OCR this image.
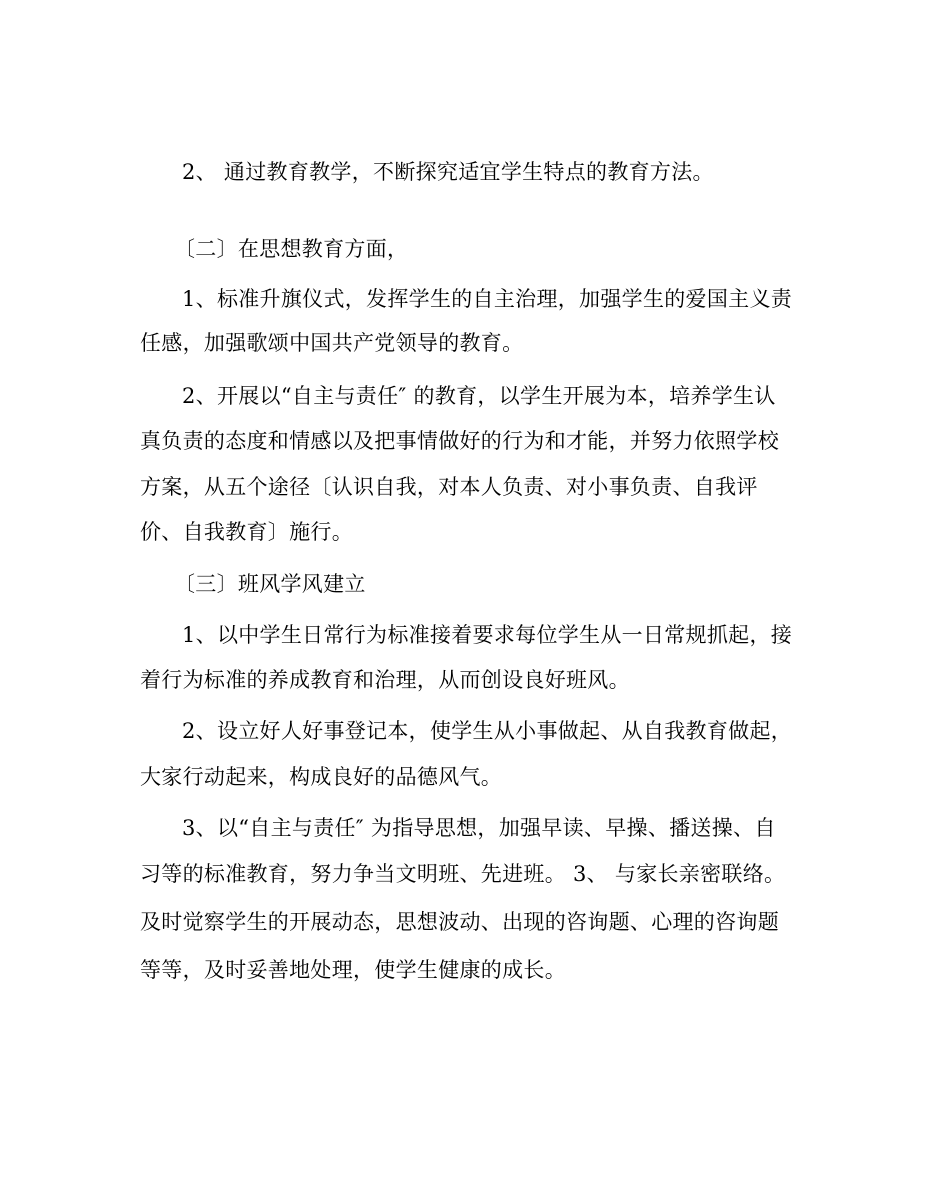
2、 通过教育教学，不断探究适宜学生特点的教育方法。
〔二〕在思想教育方面，
1、标准升旗仪式，发挥学生的自主治理，加强学生的爱国主义责
任感，加强歌颂中国共产党领导的教育。
2、开展以“自主与责任″ 的教育，以学生开展为本，培养学生认
真负责的态度和情感以及把事情做好的行为和才能，并努力依照学校
方案，从五个途径〔认识自我，对本人负责、对小事负责、自我评
价、自我教育〕施行。
〔三〕班风学风建立
1、以中学生日常行为标准接着要求每位学生从一日常规抓起，接
着行为标准的养成教育和治理，从而创设良好班风。
2、设立好人好事登记本，使学生从小事做起、从自我教育做起，
大家行动起来，构成良好的品德风气。
3、以“自主与责任″ 为指导思想，加强早读、早操、播送操、自
习等的标准教育，努力争当文明班、先进班。 3、 与家长亲密联络。
及时觉察学生的开展动态，思想波动、出现的咨询题、心理的咨询题
等等，及时妥善地处理，使学生健康的成长。
